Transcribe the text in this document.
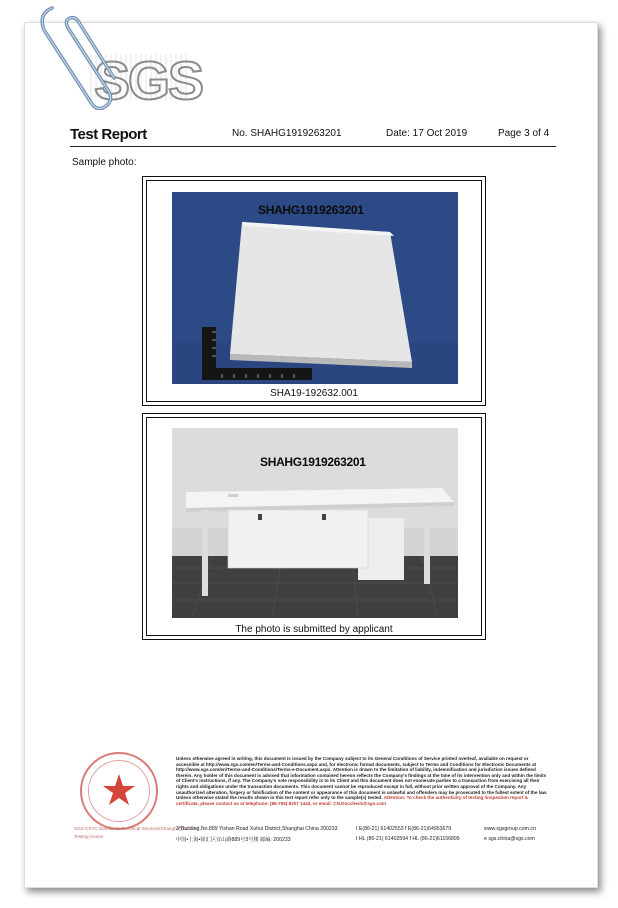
SGS
Test Report	No. SHAHG1919263201	Date: 17 Oct 2019	Page 3 of 4
Sample photo:
SHAHG1919263201
SHA19-192632.001
SHAHG1919263201
The photo is submitted by applicant
SGS-CSTC Standards Technical Services(Shanghai) Co.,Ltd.
Testing Center
Unless otherwise agreed in writing, this document is issued by the Company subject to its General Conditions of Service printed overleaf, available on request or accessible at http://www.sgs.com/en/Terms-and-Conditions.aspx and, for electronic format documents, subject to Terms and Conditions for Electronic Documents at http://www.sgs.com/en/Terms-and-Conditions/Terms-e-Document.aspx. Attention is drawn to the limitation of liability, indemnification and jurisdiction issues defined therein. Any holder of this document is advised that information contained hereon reflects the Company's findings at the time of its intervention only and within the limits of Client's instructions, if any. The Company's sole responsibility is to its Client and this document does not exonerate parties to a transaction from exercising all their rights and obligations under the transaction documents. This document cannot be reproduced except in full, without prior written approval of the Company. Any unauthorized alteration, forgery or falsification of the content or appearance of this document is unlawful and offenders may be prosecuted to the fullest extent of the law. Unless otherwise stated the results shown in this test report refer only to the sample(s) tested. Attention: To check the authenticity of testing /inspection report & certificate, please contact us at telephone: (86-755) 8307 1443, or email: CN.Doccheck@sgs.com
3°Building,No.889 Yishan Road Xuhui District,Shanghai China 200233
中国•上海•徐汇区宜山路889号3号楼 邮编: 200233
t E(86-21) 61402553 f E(86-21)64953679
t HL (86-21) 61402594 f HL (86-21)61156899
www.sgsgroup.com.cn
e sgs.china@sgs.com
